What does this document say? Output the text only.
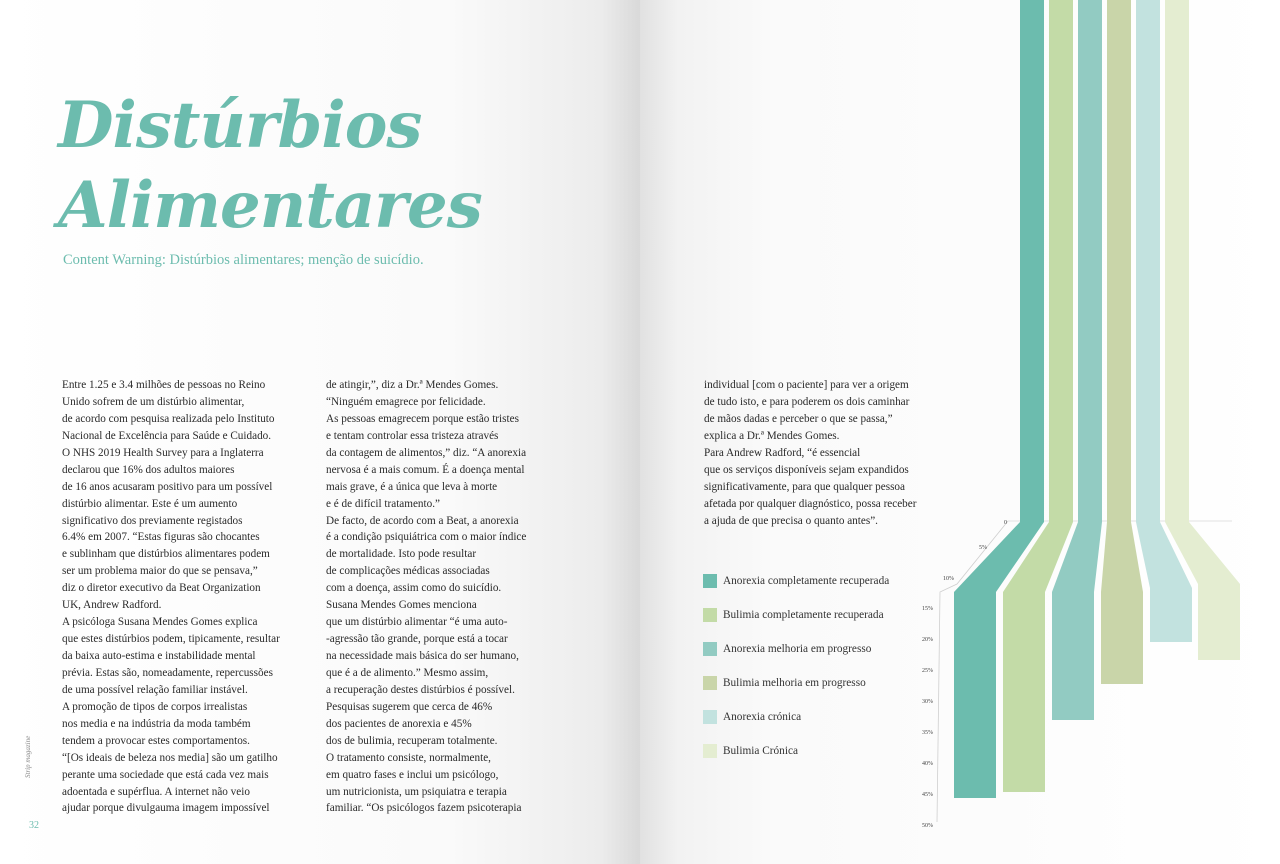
Distúrbios
Alimentares
Content Warning: Distúrbios alimentares; menção de suicídio.
Entre 1.25 e 3.4 milhões de pessoas no Reino
Unido sofrem de um distúrbio alimentar,
de acordo com pesquisa realizada pelo Instituto
Nacional de Excelência para Saúde e Cuidado.
O NHS 2019 Health Survey para a Inglaterra
declarou que 16% dos adultos maiores
de 16 anos acusaram positivo para um possível
distúrbio alimentar. Este é um aumento
significativo dos previamente registados
6.4% em 2007. “Estas figuras são chocantes
e sublinham que distúrbios alimentares podem
ser um problema maior do que se pensava,”
diz o diretor executivo da Beat Organization
UK, Andrew Radford.
A psicóloga Susana Mendes Gomes explica
que estes distúrbios podem, tipicamente, resultar
da baixa auto-estima e instabilidade mental
prévia. Estas são, nomeadamente, repercussões
de uma possível relação familiar instável.
A promoção de tipos de corpos irrealistas
nos media e na indústria da moda também
tendem a provocar estes comportamentos.
“[Os ideais de beleza nos media] são um gatilho
perante uma sociedade que está cada vez mais
adoentada e supérflua. A internet não veio
ajudar porque divulgauma imagem impossível
de atingir,”, diz a Dr.ª Mendes Gomes.
“Ninguém emagrece por felicidade.
As pessoas emagrecem porque estão tristes
e tentam controlar essa tristeza através
da contagem de alimentos,” diz. “A anorexia
nervosa é a mais comum. É a doença mental
mais grave, é a única que leva à morte
e é de difícil tratamento.”
De facto, de acordo com a Beat, a anorexia
é a condição psiquiátrica com o maior índice
de mortalidade. Isto pode resultar
de complicações médicas associadas
com a doença, assim como do suicídio.
Susana Mendes Gomes menciona
que um distúrbio alimentar “é uma auto-
-agressão tão grande, porque está a tocar
na necessidade mais básica do ser humano,
que é a de alimento.” Mesmo assim,
a recuperação destes distúrbios é possível.
Pesquisas sugerem que cerca de 46%
dos pacientes de anorexia e 45%
dos de bulimia, recuperam totalmente.
O tratamento consiste, normalmente,
em quatro fases e inclui um psicólogo,
um nutricionista, um psiquiatra e terapia
familiar. “Os psicólogos fazem psicoterapia
Strip magazine
32
individual [com o paciente] para ver a origem
de tudo isto, e para poderem os dois caminhar
de mãos dadas e perceber o que se passa,”
explica a Dr.ª Mendes Gomes.
Para Andrew Radford, “é essencial
que os serviços disponíveis sejam expandidos
significativamente, para que qualquer pessoa
afetada por qualquer diagnóstico, possa receber
a ajuda de que precisa o quanto antes”.	0
5%
10%
15%
20%
25%
30%
35%
40%
45%
50%
Anorexia completamente recuperada
Bulimia completamente recuperada
Anorexia melhoria em progresso
Bulimia melhoria em progresso
Anorexia crónica
Bulimia Crónica
